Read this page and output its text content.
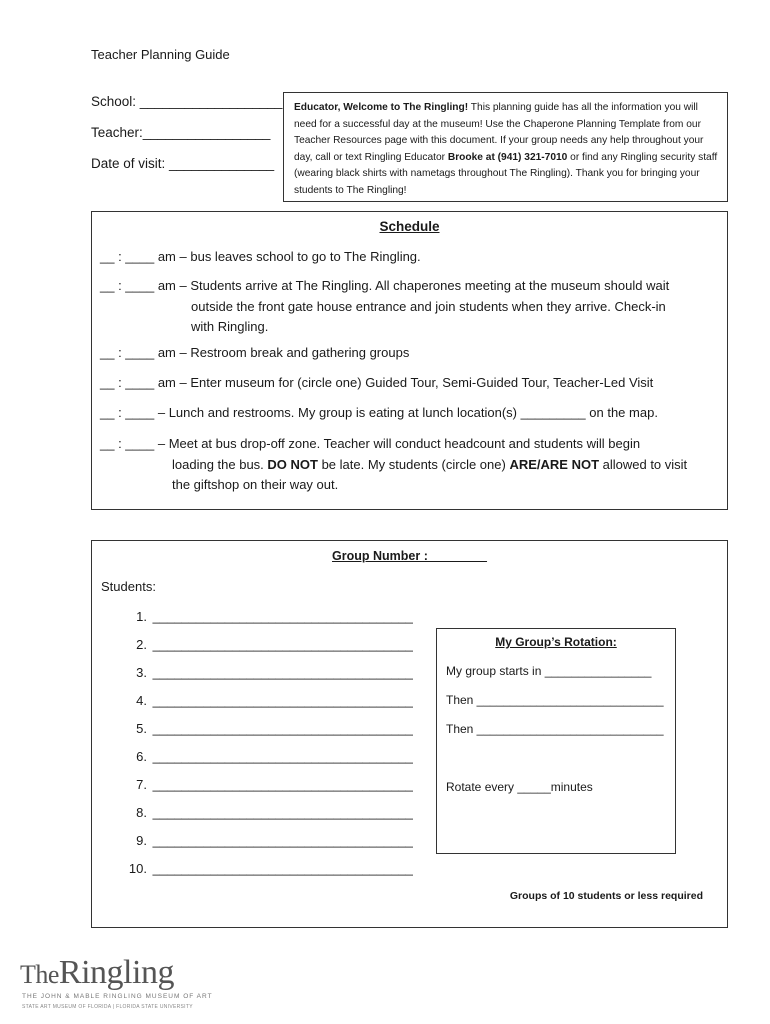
Teacher Planning Guide
School: ___________________
Teacher:_________________
Date of visit: ______________
Educator, Welcome to The Ringling! This planning guide has all the information you will need for a successful day at the museum! Use the Chaperone Planning Template from our Teacher Resources page with this document. If your group needs any help throughout your day, call or text Ringling Educator Brooke at (941) 321-7010 or find any Ringling security staff (wearing black shirts with nametags throughout The Ringling). Thank you for bringing your students to The Ringling!
Schedule
__ : ____ am – bus leaves school to go to The Ringling.
__ : ____ am – Students arrive at The Ringling. All chaperones meeting at the museum should wait
outside the front gate house entrance and join students when they arrive. Check-in
with Ringling.
__ : ____ am – Restroom break and gathering groups
__ : ____ am – Enter museum for (circle one) Guided Tour, Semi-Guided Tour, Teacher-Led Visit
__ : ____ – Lunch and restrooms. My group is eating at lunch location(s) _________ on the map.
__ : ____ – Meet at bus drop-off zone. Teacher will conduct headcount and students will begin
loading the bus. DO NOT be late. My students (circle one) ARE/ARE NOT allowed to visit
the giftshop on their way out.
Group Number : ________
Students:
1. ____________________________________
2. ____________________________________
3. ____________________________________
4. ____________________________________
5. ____________________________________
6. ____________________________________
7. ____________________________________
8. ____________________________________
9. ____________________________________
10. ____________________________________
My Group’s Rotation:
My group starts in ________________
Then ____________________________
Then ____________________________
Rotate every _____minutes
Groups of 10 students or less required
TheRingling
THE JOHN & MABLE RINGLING MUSEUM OF ART
STATE ART MUSEUM OF FLORIDA | FLORIDA STATE UNIVERSITY
